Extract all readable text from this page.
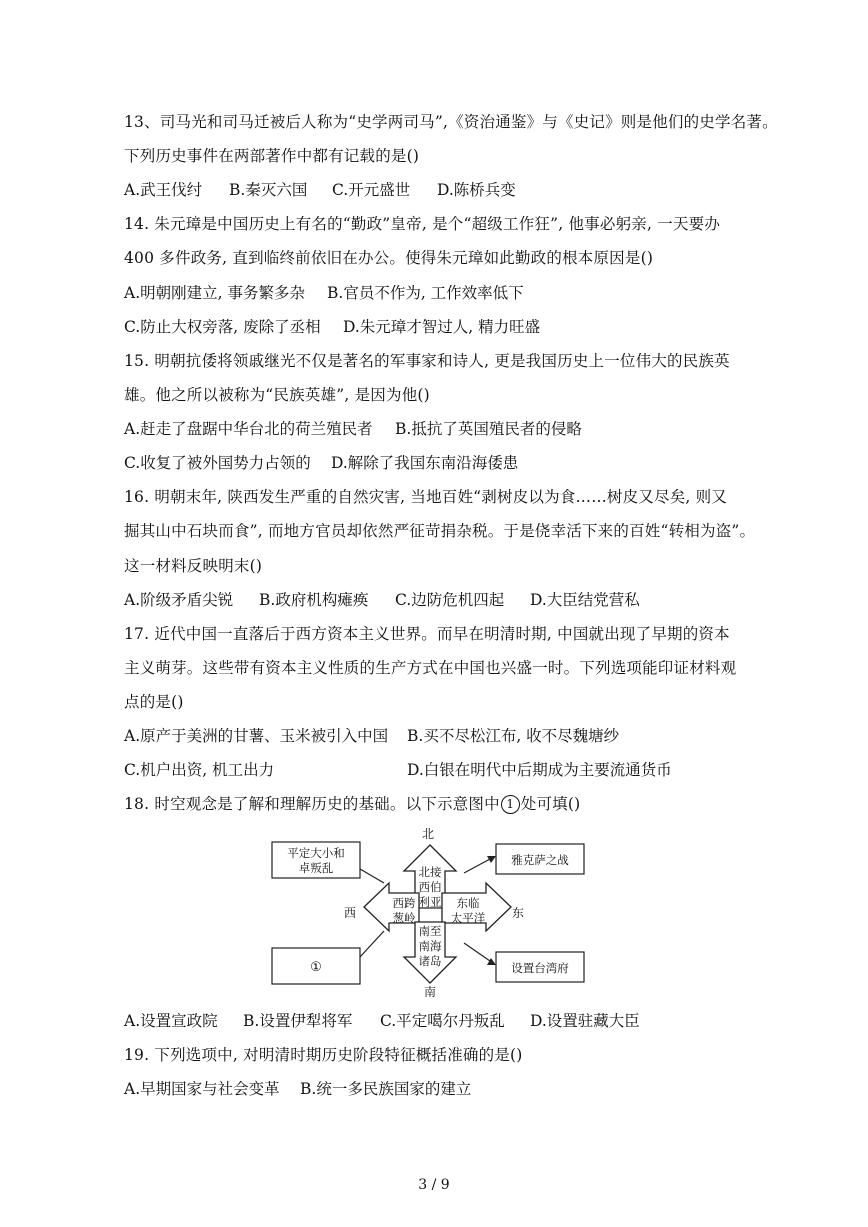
13、司马光和司马迁被后人称为“史学两司马”,《资治通鉴》与《史记》则是他们的史学名著。
下列历史事件在两部著作中都有记载的是()
A.武王伐纣 B.秦灭六国 C.开元盛世 D.陈桥兵变
14. 朱元璋是中国历史上有名的“勤政”皇帝, 是个“超级工作狂”, 他事必躬亲, 一天要办
400 多件政务, 直到临终前依旧在办公。使得朱元璋如此勤政的根本原因是()
A.明朝刚建立, 事务繁多杂 B.官员不作为, 工作效率低下
C.防止大权旁落, 废除了丞相 D.朱元璋才智过人, 精力旺盛
15. 明朝抗倭将领戚继光不仅是著名的军事家和诗人, 更是我国历史上一位伟大的民族英
雄。他之所以被称为“民族英雄”, 是因为他()
A.赶走了盘踞中华台北的荷兰殖民者 B.抵抗了英国殖民者的侵略
C.收复了被外国势力占领的 D.解除了我国东南沿海倭患
16. 明朝末年, 陕西发生严重的自然灾害, 当地百姓“剥树皮以为食……树皮又尽矣, 则又
掘其山中石块而食”, 而地方官员却依然严征苛捐杂税。于是侥幸活下来的百姓“转相为盗”。
这一材料反映明末()
A.阶级矛盾尖锐 B.政府机构瘫痪 C.边防危机四起 D.大臣结党营私
17. 近代中国一直落后于西方资本主义世界。而早在明清时期, 中国就出现了早期的资本
主义萌芽。这些带有资本主义性质的生产方式在中国也兴盛一时。下列选项能印证材料观
点的是()
A.原产于美洲的甘薯、玉米被引入中国 B.买不尽松江布, 收不尽魏塘纱
C.机户出资, 机工出力	D.白银在明代中后期成为主要流通货币
18. 时空观念是了解和理解历史的基础。以下示意图中 1 处可填()
北
南
西	东
北接
西伯
利亚
西跨
葱岭
东临
太平洋
南至
南海
诸岛
平定大小和
卓叛乱
雅克萨之战
①	设置台湾府
A.设置宣政院 B.设置伊犁将军 C.平定噶尔丹叛乱 D.设置驻藏大臣
19. 下列选项中, 对明清时期历史阶段特征概括准确的是()
A.早期国家与社会变革 B.统一多民族国家的建立
3 / 9
